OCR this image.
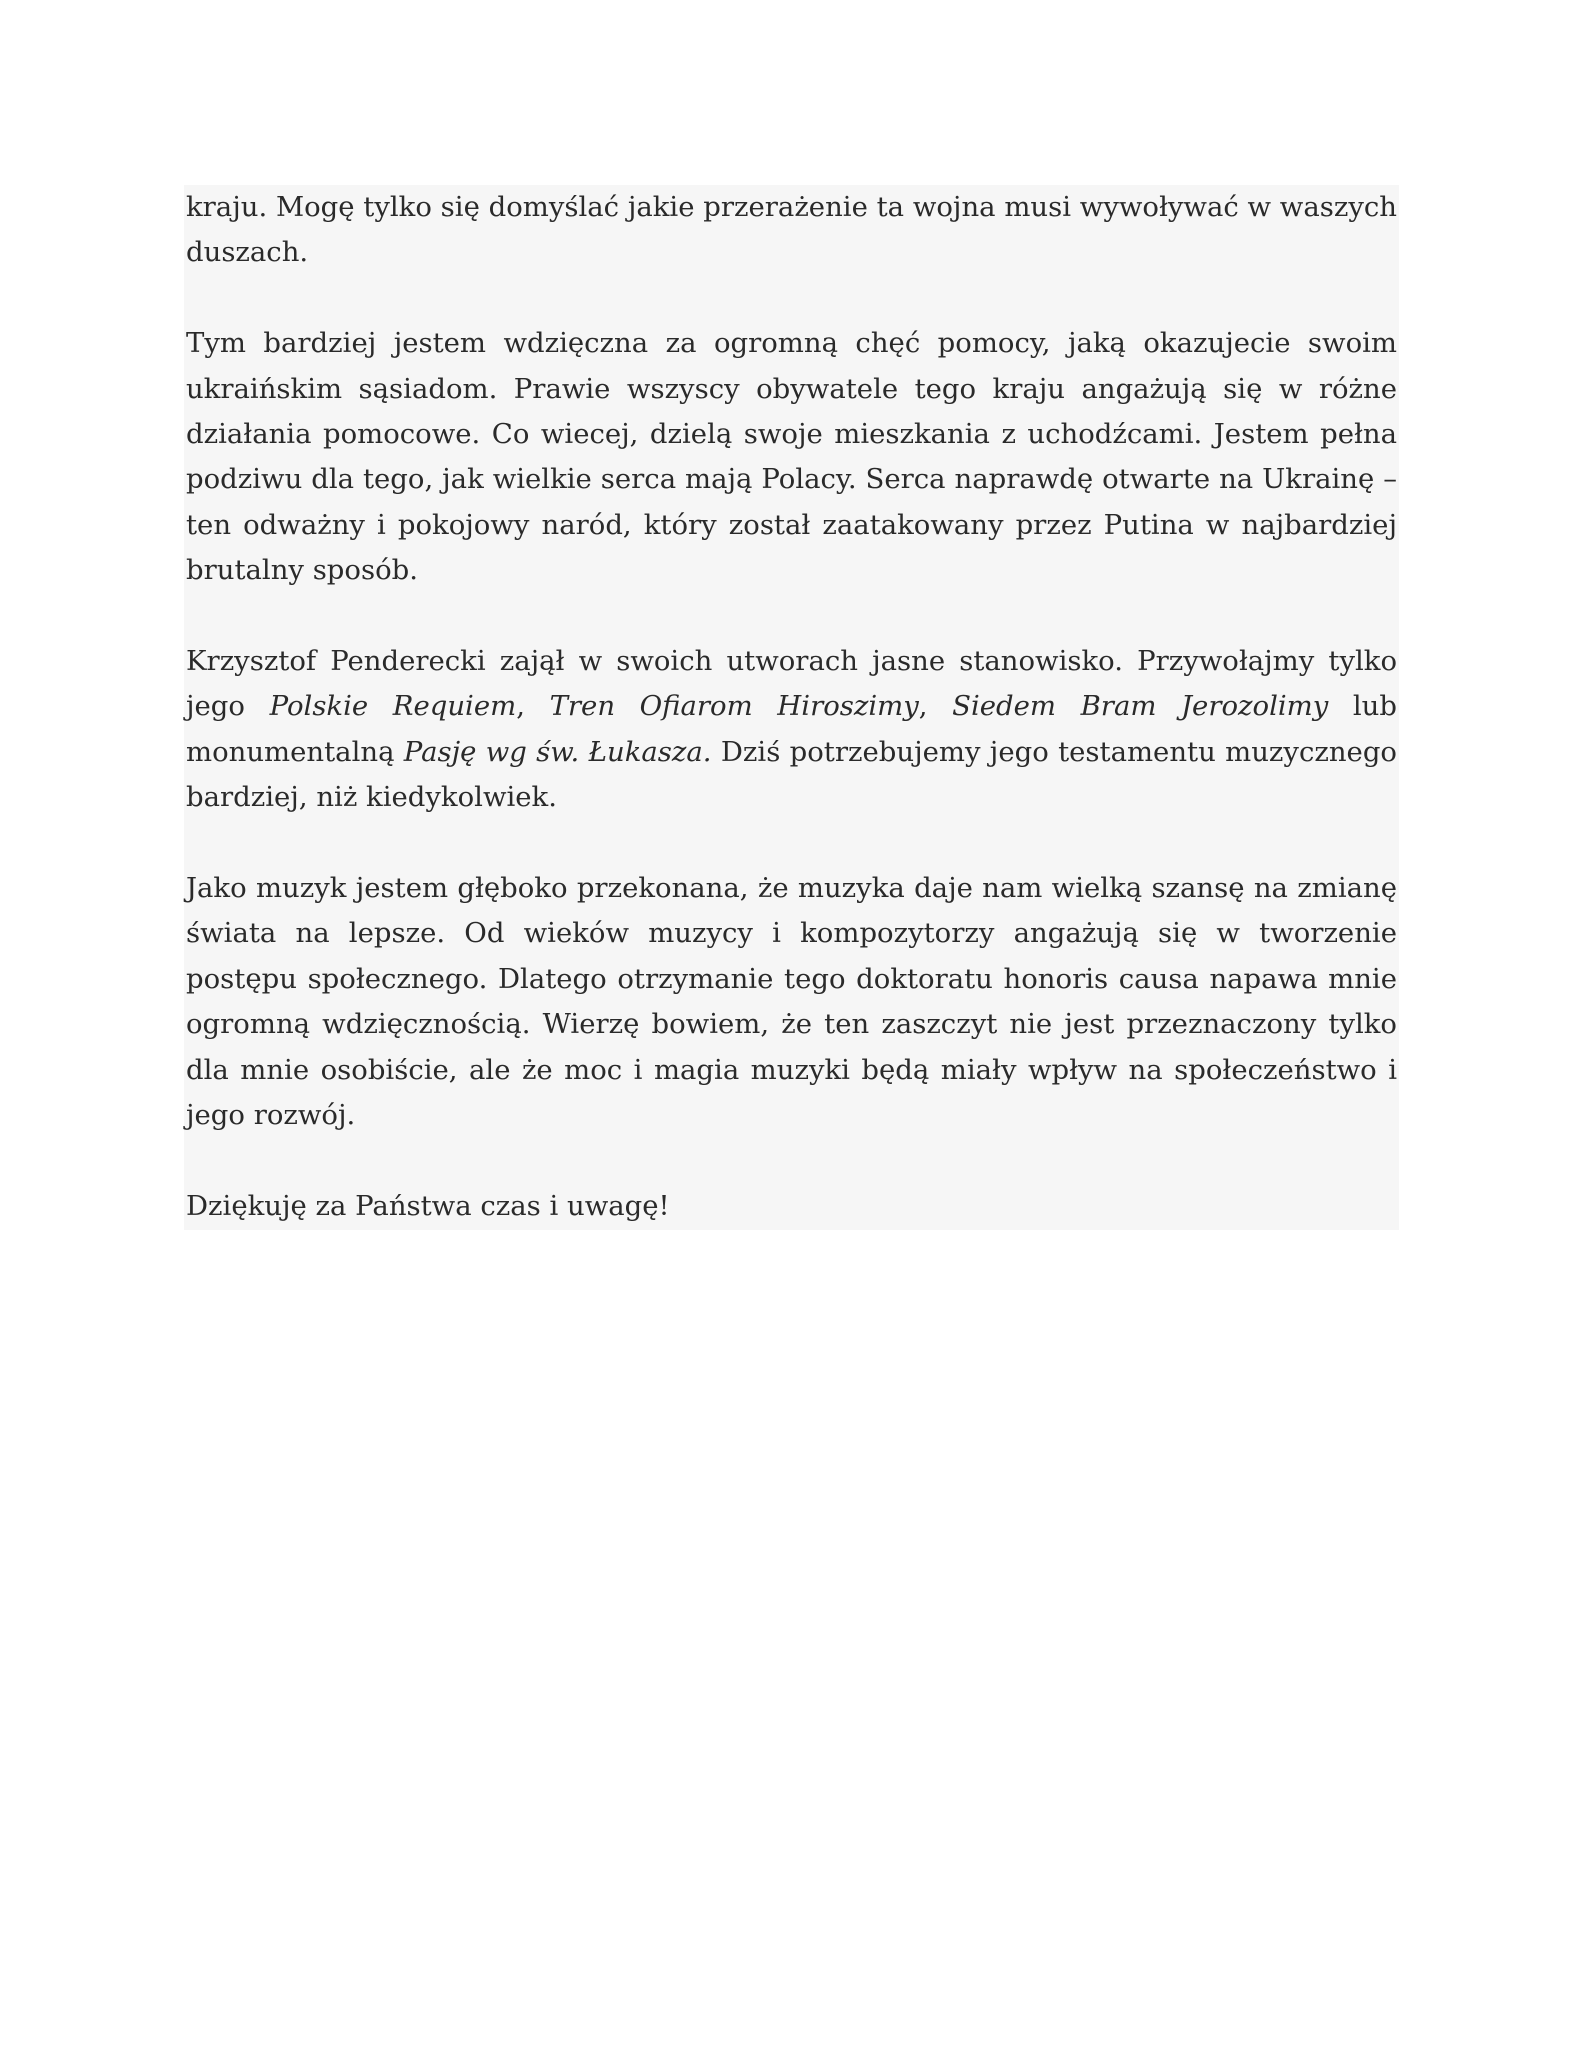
kraju. Mogę tylko się domyślać jakie przerażenie ta wojna musi wywoływać w waszych duszach.

Tym bardziej jestem wdzięczna za ogromną chęć pomocy, jaką okazujecie swoim ukraińskim sąsiadom. Prawie wszyscy obywatele tego kraju angażują się w różne działania pomocowe. Co wiecej, dzielą swoje mieszkania z uchodźcami. Jestem pełna podziwu dla tego, jak wielkie serca mają Polacy. Serca naprawdę otwarte na Ukrainę – ten odważny i pokojowy naród, który został zaatakowany przez Putina w najbardziej brutalny sposób.

Krzysztof Penderecki zajął w swoich utworach jasne stanowisko. Przywołajmy tylko jego Polskie Requiem, Tren Ofiarom Hiroszimy, Siedem Bram Jerozolimy lub monumentalną Pasję wg św. Łukasza. Dziś potrzebujemy jego testamentu muzycznego bardziej, niż kiedykolwiek.

Jako muzyk jestem głęboko przekonana, że muzyka daje nam wielką szansę na zmianę świata na lepsze. Od wieków muzycy i kompozytorzy angażują się w tworzenie postępu społecznego. Dlatego otrzymanie tego doktoratu honoris causa napawa mnie ogromną wdzięcznością. Wierzę bowiem, że ten zaszczyt nie jest przeznaczony tylko dla mnie osobiście, ale że moc i magia muzyki będą miały wpływ na społeczeństwo i jego rozwój.

Dziękuję za Państwa czas i uwagę!
